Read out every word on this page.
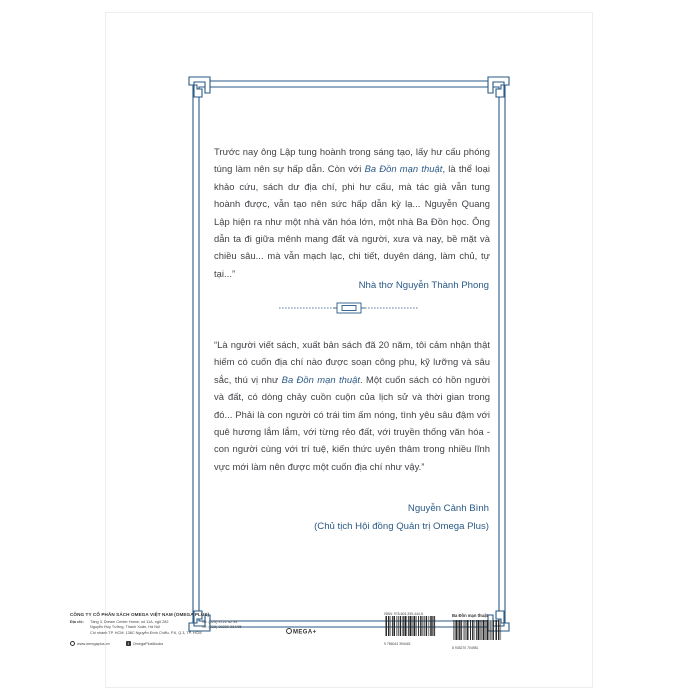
Trước nay ông Lập tung hoành trong sáng tạo, lấy hư cấu phóng túng làm nên sự hấp dẫn. Còn với Ba Đồn mạn thuật, là thể loại khảo cứu, sách dư địa chí, phi hư cấu, mà tác giả vẫn tung hoành được, vẫn tạo nên sức hấp dẫn kỳ lạ... Nguyễn Quang Lập hiện ra như một nhà văn hóa lớn, một nhà Ba Đồn học. Ông dẫn ta đi giữa mênh mang đất và người, xưa và nay, bề mặt và chiều sâu... mà vẫn mạch lạc, chi tiết, duyên dáng, làm chủ, tự tại...”
Nhà thơ Nguyễn Thành Phong
“Là người viết sách, xuất bản sách đã 20 năm, tôi cảm nhận thật hiếm có cuốn địa chí nào được soạn công phu, kỹ lưỡng và sâu sắc, thú vị như Ba Đồn mạn thuật. Một cuốn sách có hồn người và đất, có dòng chảy cuồn cuộn của lịch sử và thời gian trong đó... Phải là con người có trái tim ấm nóng, tình yêu sâu đậm với quê hương lắm lắm, với từng rẻo đất, với truyền thống văn hóa - con người cùng với trí tuệ, kiến thức uyên thâm trong nhiều lĩnh vực mới làm nên được một cuốn địa chí như vậy.”
Nguyễn Cảnh Bình
(Chủ tịch Hội đồng Quản trị Omega Plus)
CÔNG TY CỔ PHẦN SÁCH OMEGA VIỆT NAM (OMEGA PLUS)
Địa chỉ:	Tầng 3, Dream Center Home, số 11A, ngõ 282
Nguyễn Huy Tưởng, Thanh Xuân, Hà Nội
Chi nhánh TP. HCM: 138C Nguyễn Đình Chiểu, P.6, Q.3, TP. HCM
Tel: (024) 3722 62 34
Tel: (028) 38220 334/35
www.omegaplus.vn	f	OmegaPlusBooks
MEGA+
ISBN: 978-604-339-444-5
9 786043 394445
Ba Đồn mạn thuật
8 935270 704981
